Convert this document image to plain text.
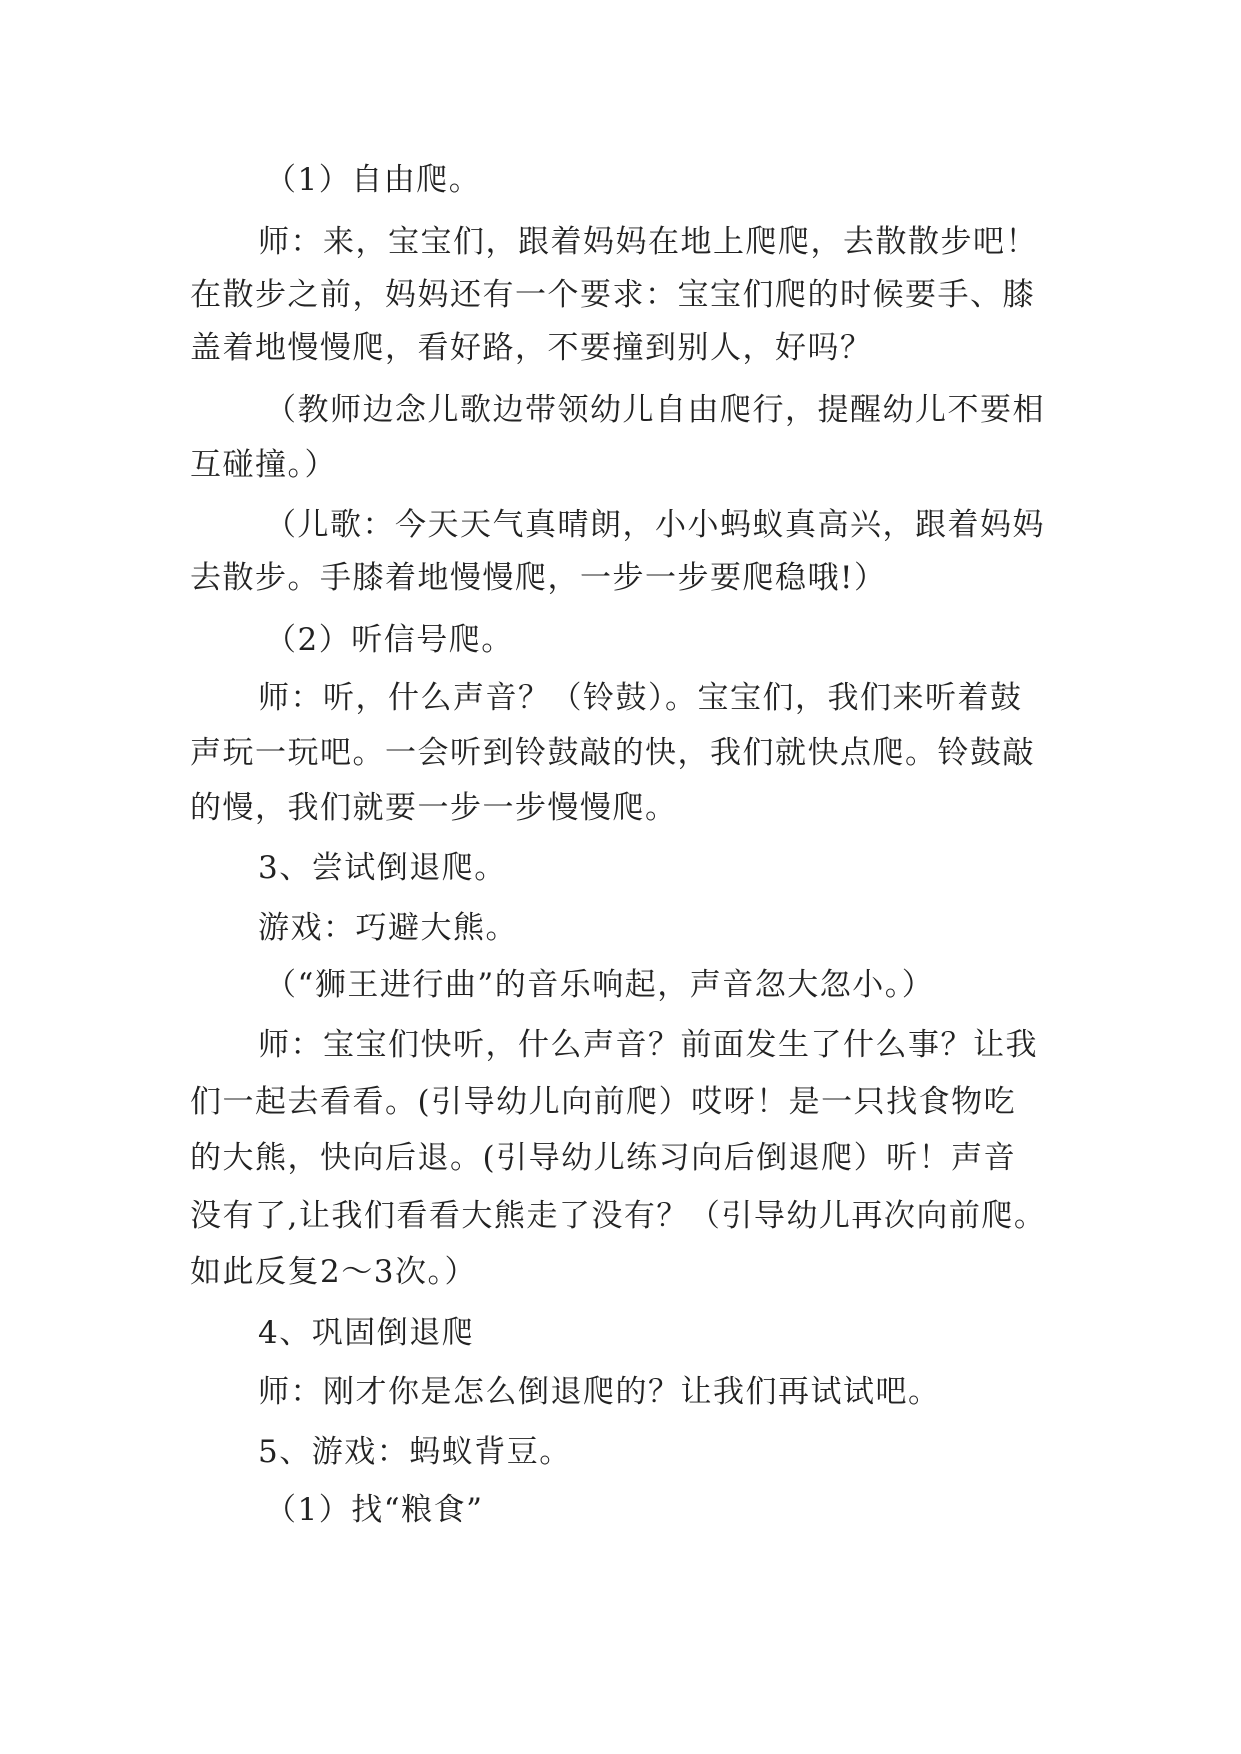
（1）自由爬。
师：来，宝宝们，跟着妈妈在地上爬爬，去散散步吧！
在散步之前，妈妈还有一个要求：宝宝们爬的时候要手、膝
盖着地慢慢爬，看好路，不要撞到别人，好吗？
（教师边念儿歌边带领幼儿自由爬行，提醒幼儿不要相
互碰撞。）
（儿歌：今天天气真晴朗，小小蚂蚁真高兴，跟着妈妈
去散步。手膝着地慢慢爬，一步一步要爬稳哦!）
（2）听信号爬。
师：听，什么声音？（铃鼓）。宝宝们，我们来听着鼓
声玩一玩吧。一会听到铃鼓敲的快，我们就快点爬。铃鼓敲
的慢，我们就要一步一步慢慢爬。
3、尝试倒退爬。
游戏：巧避大熊。
（“狮王进行曲”的音乐响起，声音忽大忽小。）
师：宝宝们快听，什么声音？前面发生了什么事？让我
们一起去看看。(引导幼儿向前爬）哎呀！是一只找食物吃
的大熊，快向后退。(引导幼儿练习向后倒退爬）听！声音
没有了,让我们看看大熊走了没有？（引导幼儿再次向前爬。
如此反复2～3次。）
4、巩固倒退爬
师：刚才你是怎么倒退爬的？让我们再试试吧。
5、游戏：蚂蚁背豆。
（1）找“粮食”
